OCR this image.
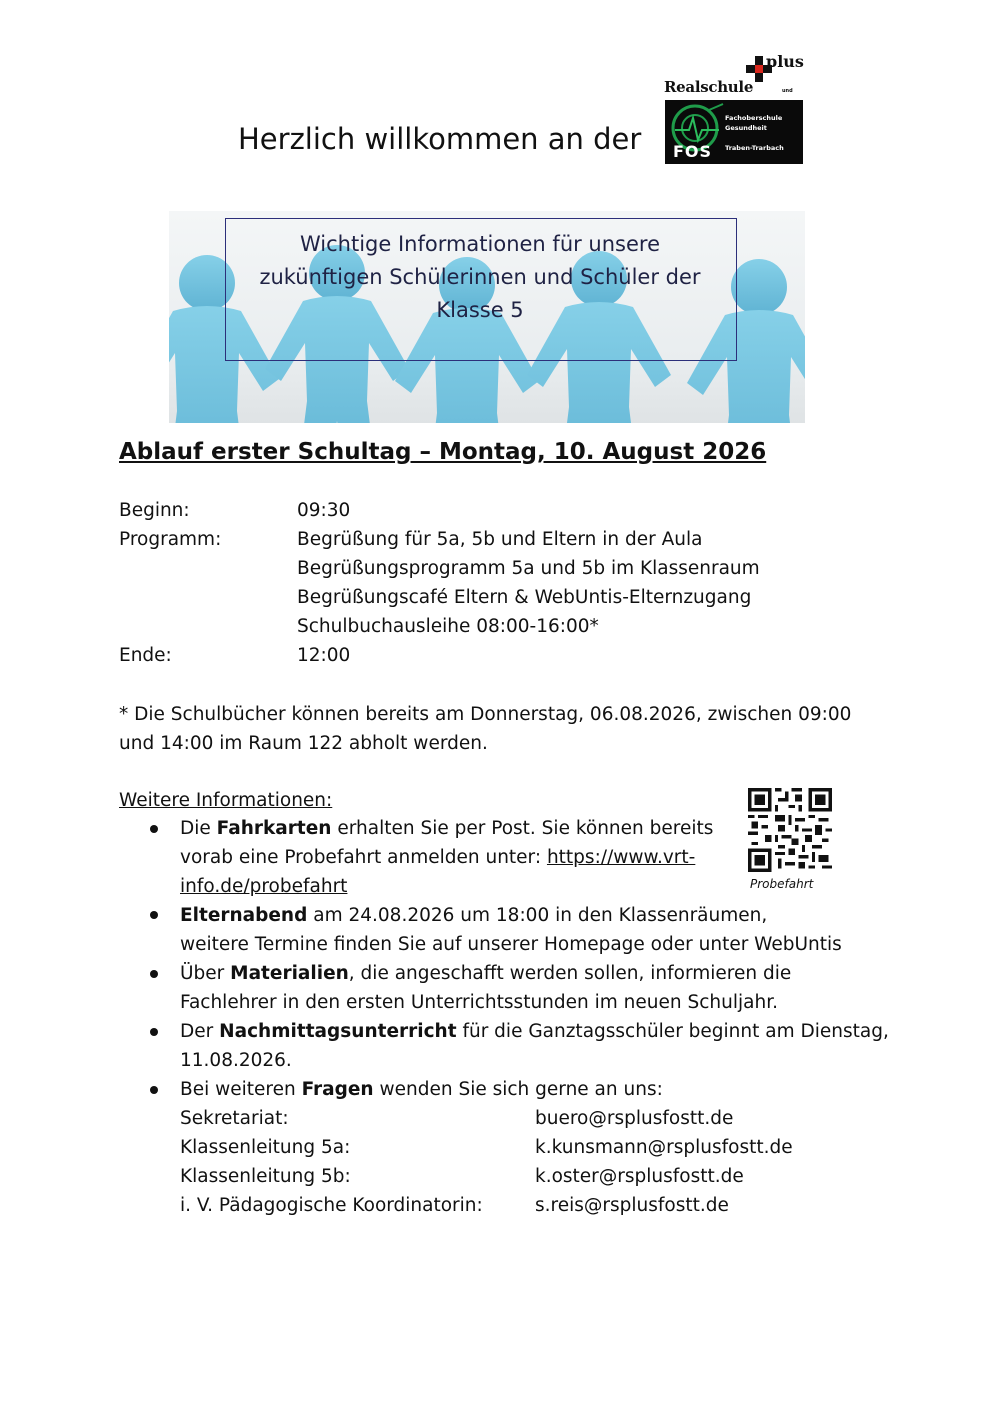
plus
Realschule	und
FOS
Fachoberschule
Gesundheit
Traben-Trarbach
Herzlich willkommen an der
Wichtige Informationen für unsere
zukünftigen Schülerinnen und Schüler der
Klasse 5
Ablauf erster Schultag – Montag, 10. August 2026
Beginn:	09:30
Programm:	Begrüßung für 5a, 5b und Eltern in der Aula
Begrüßungsprogramm 5a und 5b im Klassenraum
Begrüßungscafé Eltern & WebUntis-Elternzugang
Schulbuchausleihe 08:00-16:00*
Ende:	12:00
* Die Schulbücher können bereits am Donnerstag, 06.08.2026, zwischen 09:00
und 14:00 im Raum 122 abholt werden.
Weitere Informationen:
Die Fahrkarten erhalten Sie per Post. Sie können bereits
vorab eine Probefahrt anmelden unter: https://www.vrt-
info.de/probefahrt	Probefahrt
Elternabend am 24.08.2026 um 18:00 in den Klassenräumen,
weitere Termine finden Sie auf unserer Homepage oder unter WebUntis
Über Materialien, die angeschafft werden sollen, informieren die
Fachlehrer in den ersten Unterrichtsstunden im neuen Schuljahr.
Der Nachmittagsunterricht für die Ganztagsschüler beginnt am Dienstag,
11.08.2026.
Bei weiteren Fragen wenden Sie sich gerne an uns:
Sekretariat:	buero@rsplusfostt.de
Klassenleitung 5a:	k.kunsmann@rsplusfostt.de
Klassenleitung 5b:	k.oster@rsplusfostt.de
i. V. Pädagogische Koordinatorin:	s.reis@rsplusfostt.de
